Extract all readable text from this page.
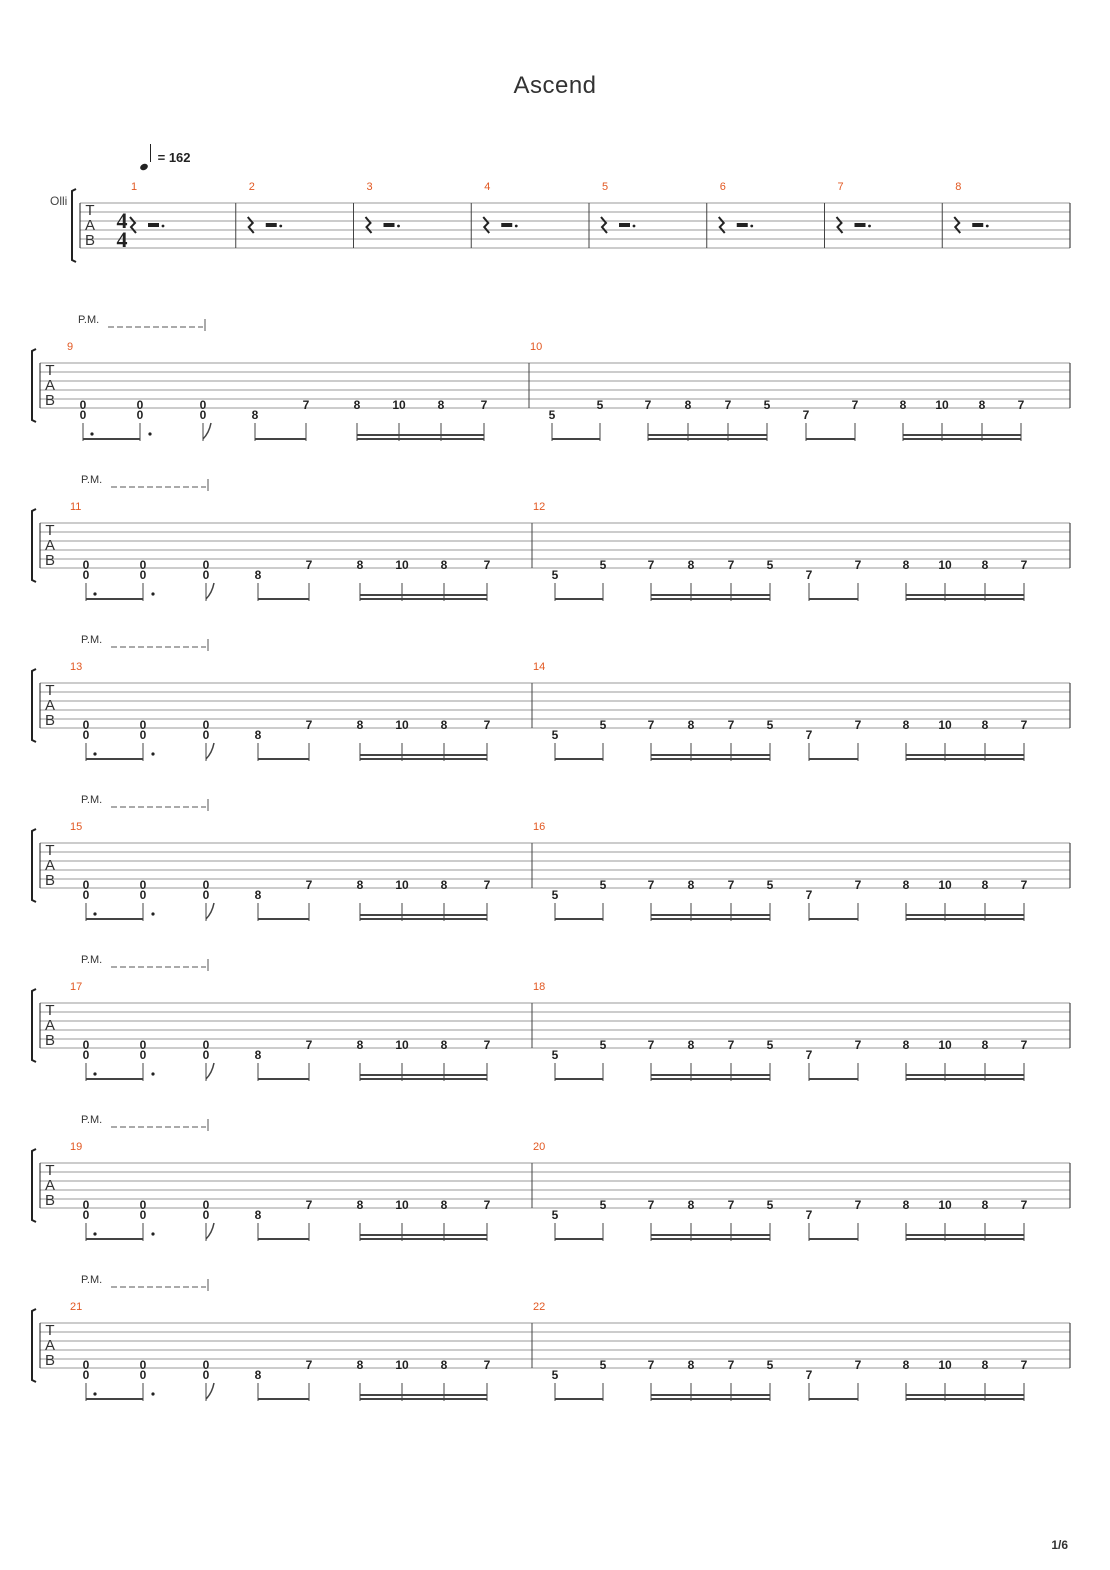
Ascend

= 162
T
A
B
Olli
4
4
1	2	3	4	5	6	7	8
T
A
B
P.M.
9	10
0
0
0
0
0
0	8
7	8	10	8	7
5
5	7	8	7	5
7
7	8 10 8	7
T
A
B
P.M.
11	12
0
0
0
0
0
0	8
7	8	10	8	7
5
5	7	8	7	5
7
7	8 10 8	7
T
A
B
P.M.
13	14
0
0
0
0
0
0	8
7	8	10	8	7
5
5	7	8	7	5
7
7	8 10 8	7
T
A
B
P.M.
15	16
0
0
0
0
0
0	8
7	8	10	8	7
5
5	7	8	7	5
7
7	8 10 8	7
T
A
B
P.M.
17	18
0
0
0
0
0
0	8
7	8	10	8	7
5
5	7	8	7	5
7
7	8 10 8	7
T
A
B
P.M.
19	20
0
0
0
0
0
0	8
7	8	10	8	7
5
5	7	8	7	5
7
7	8 10 8	7
T
A
B
P.M.
21	22
0
0
0
0
0
0	8
7	8	10	8	7
5
5	7	8	7	5
7
7	8 10 8	7
1/6
